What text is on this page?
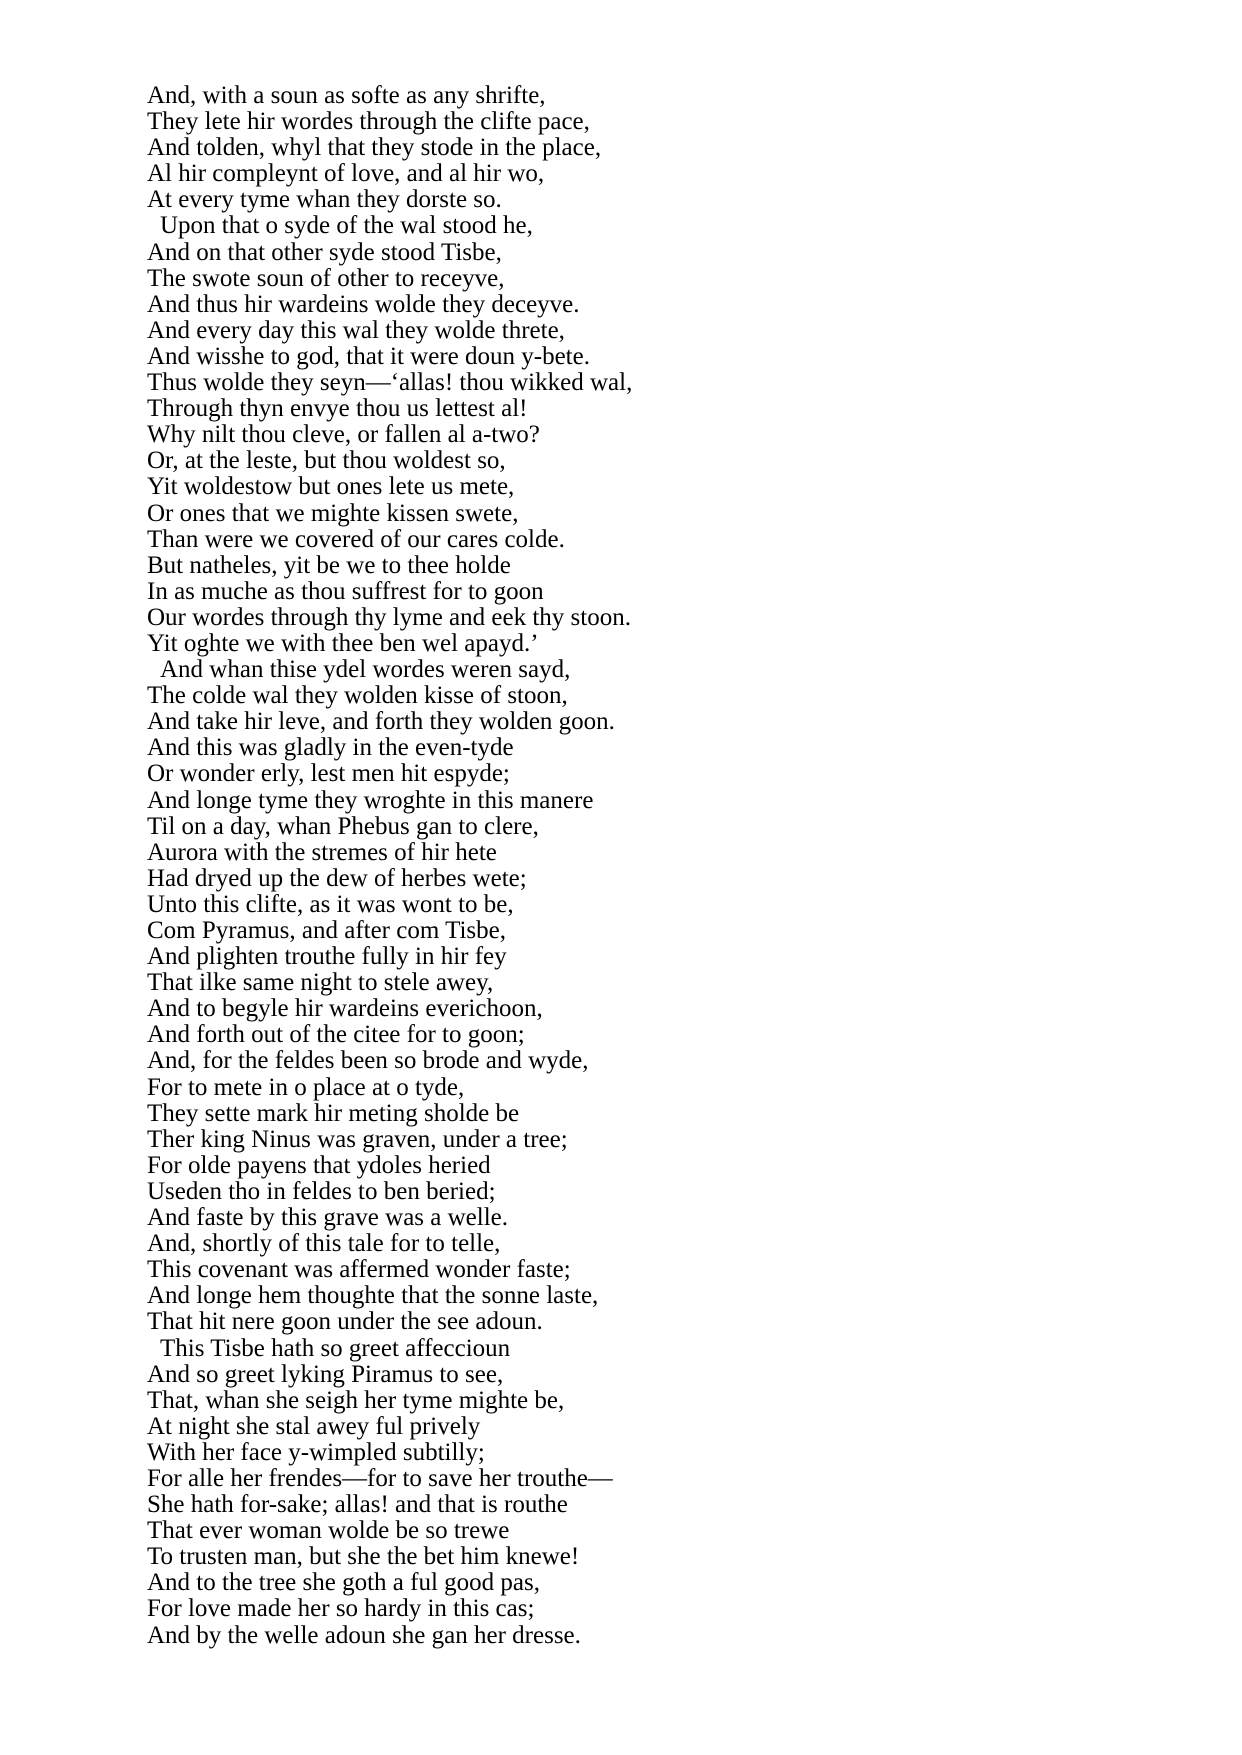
And, with a soun as softe as any shrifte,
They lete hir wordes through the clifte pace,
And tolden, whyl that they stode in the place,
Al hir compleynt of love, and al hir wo,
At every tyme whan they dorste so.
Upon that o syde of the wal stood he,
And on that other syde stood Tisbe,
The swote soun of other to receyve,
And thus hir wardeins wolde they deceyve.
And every day this wal they wolde threte,
And wisshe to god, that it were doun y-bete.
Thus wolde they seyn—‘allas! thou wikked wal,
Through thyn envye thou us lettest al!
Why nilt thou cleve, or fallen al a-two?
Or, at the leste, but thou woldest so,
Yit woldestow but ones lete us mete,
Or ones that we mighte kissen swete,
Than were we covered of our cares colde.
But natheles, yit be we to thee holde
In as muche as thou suffrest for to goon
Our wordes through thy lyme and eek thy stoon.
Yit oghte we with thee ben wel apayd.’
And whan thise ydel wordes weren sayd,
The colde wal they wolden kisse of stoon,
And take hir leve, and forth they wolden goon.
And this was gladly in the even-tyde
Or wonder erly, lest men hit espyde;
And longe tyme they wroghte in this manere
Til on a day, whan Phebus gan to clere,
Aurora with the stremes of hir hete
Had dryed up the dew of herbes wete;
Unto this clifte, as it was wont to be,
Com Pyramus, and after com Tisbe,
And plighten trouthe fully in hir fey
That ilke same night to stele awey,
And to begyle hir wardeins everichoon,
And forth out of the citee for to goon;
And, for the feldes been so brode and wyde,
For to mete in o place at o tyde,
They sette mark hir meting sholde be
Ther king Ninus was graven, under a tree;
For olde payens that ydoles heried
Useden tho in feldes to ben beried;
And faste by this grave was a welle.
And, shortly of this tale for to telle,
This covenant was affermed wonder faste;
And longe hem thoughte that the sonne laste,
That hit nere goon under the see adoun.
This Tisbe hath so greet affeccioun
And so greet lyking Piramus to see,
That, whan she seigh her tyme mighte be,
At night she stal awey ful prively
With her face y-wimpled subtilly;
For alle her frendes—for to save her trouthe—
She hath for-sake; allas! and that is routhe
That ever woman wolde be so trewe
To trusten man, but she the bet him knewe!
And to the tree she goth a ful good pas,
For love made her so hardy in this cas;
And by the welle adoun she gan her dresse.
